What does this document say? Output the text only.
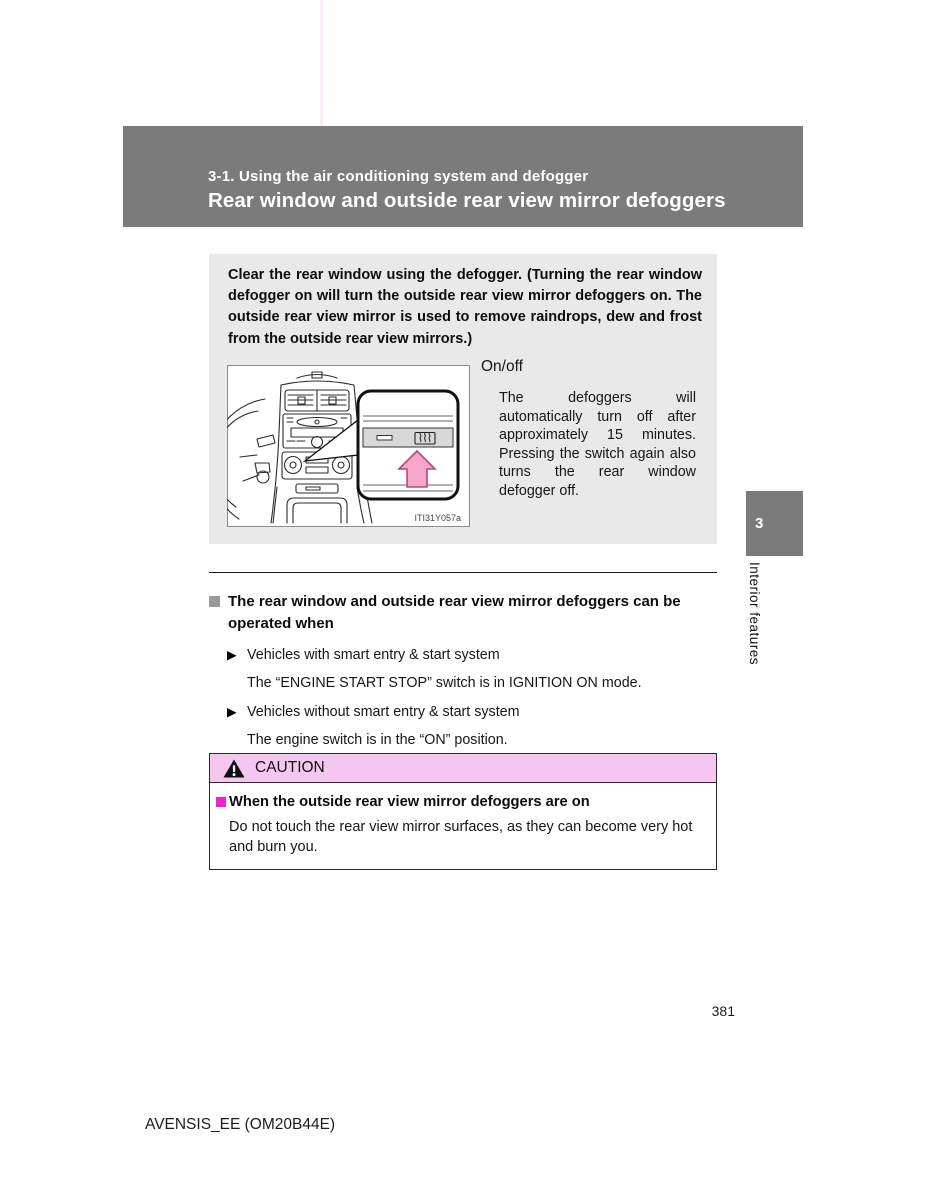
3-1. Using the air conditioning system and defogger
Rear window and outside rear view mirror defoggers
Clear the rear window using the defogger. (Turning the rear window defogger on will turn the outside rear view mirror defoggers on. The outside rear view mirror is used to remove raindrops, dew and frost from the outside rear view mirrors.)
ITI31Y057a
On/off
The defoggers will automatically turn off after approximately 15 minutes. Pressing the switch again also turns the rear window defogger off.
3
Interior features
The rear window and outside rear view mirror defoggers can be operated when
▶ Vehicles with smart entry & start system
The “ENGINE START STOP” switch is in IGNITION ON mode.
▶ Vehicles without smart entry & start system
The engine switch is in the “ON” position.
CAUTION
When the outside rear view mirror defoggers are on
Do not touch the rear view mirror surfaces, as they can become very hot and burn you.
381
AVENSIS_EE (OM20B44E)
